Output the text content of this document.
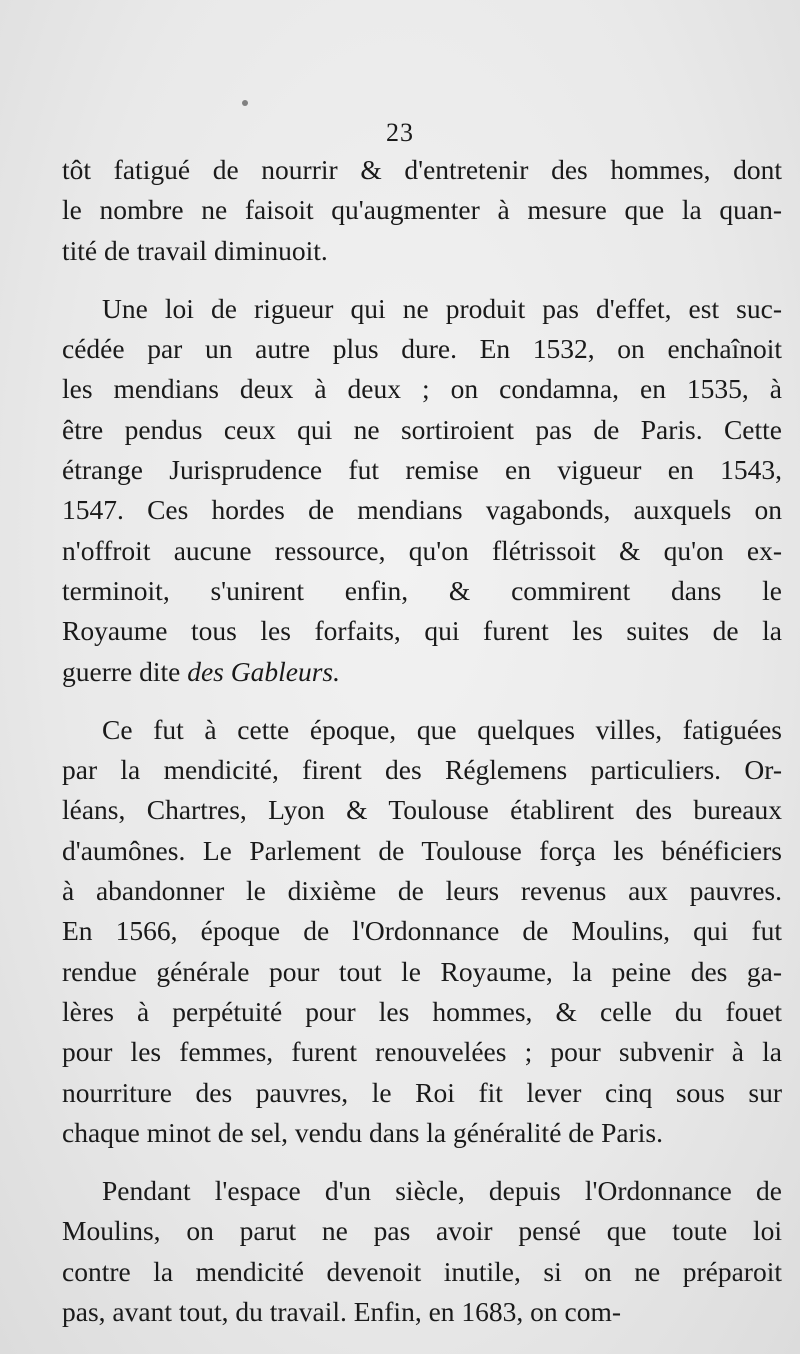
23

tôt fatigué de nourrir & d'entretenir des hommes, dont
le nombre ne faisoit qu'augmenter à mesure que la quan-
tité de travail diminuoit.

Une loi de rigueur qui ne produit pas d'effet, est suc-
cédée par un autre plus dure. En 1532, on enchaînoit
les mendians deux à deux ; on condamna, en 1535, à
être pendus ceux qui ne sortiroient pas de Paris. Cette
étrange Jurisprudence fut remise en vigueur en 1543,
1547. Ces hordes de mendians vagabonds, auxquels on
n'offroit aucune ressource, qu'on flétrissoit & qu'on ex-
terminoit, s'unirent enfin, & commirent dans le
Royaume tous les forfaits, qui furent les suites de la
guerre dite des Gableurs.

Ce fut à cette époque, que quelques villes, fatiguées
par la mendicité, firent des Réglemens particuliers. Or-
léans, Chartres, Lyon & Toulouse établirent des bureaux
d'aumônes. Le Parlement de Toulouse força les bénéficiers
à abandonner le dixième de leurs revenus aux pauvres.
En 1566, époque de l'Ordonnance de Moulins, qui fut
rendue générale pour tout le Royaume, la peine des ga-
lères à perpétuité pour les hommes, & celle du fouet
pour les femmes, furent renouvelées ; pour subvenir à la
nourriture des pauvres, le Roi fit lever cinq sous sur
chaque minot de sel, vendu dans la généralité de Paris.

Pendant l'espace d'un siècle, depuis l'Ordonnance de
Moulins, on parut ne pas avoir pensé que toute loi
contre la mendicité devenoit inutile, si on ne préparoit
pas, avant tout, du travail. Enfin, en 1683, on com-
